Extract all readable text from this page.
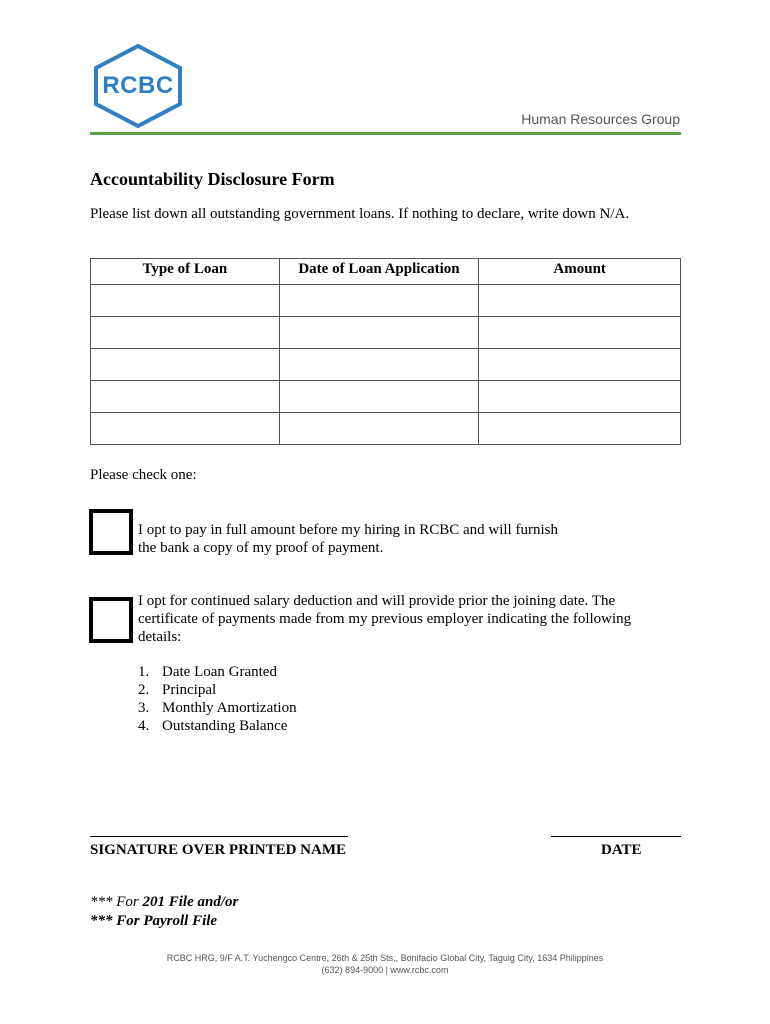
RCBC
Human Resources Group
Accountability Disclosure Form
Please list down all outstanding government loans. If nothing to declare, write down N/A.
Type of Loan	Date of Loan Application	Amount

Please check one:
I opt to pay in full amount before my hiring in RCBC and will furnish
the bank a copy of my proof of payment.
I opt for continued salary deduction and will provide prior the joining date. The
certificate of payments made from my previous employer indicating the following
details:
1. Date Loan Granted
2. Principal
3. Monthly Amortization
4. Outstanding Balance
SIGNATURE OVER PRINTED NAME	DATE
*** For 201 File and/or
*** For Payroll File
RCBC HRG, 9/F A.T. Yuchengco Centre, 26th & 25th Sts., Bonifacio Global City, Taguig City, 1634 Philippines
(632) 894-9000 | www.rcbc.com
